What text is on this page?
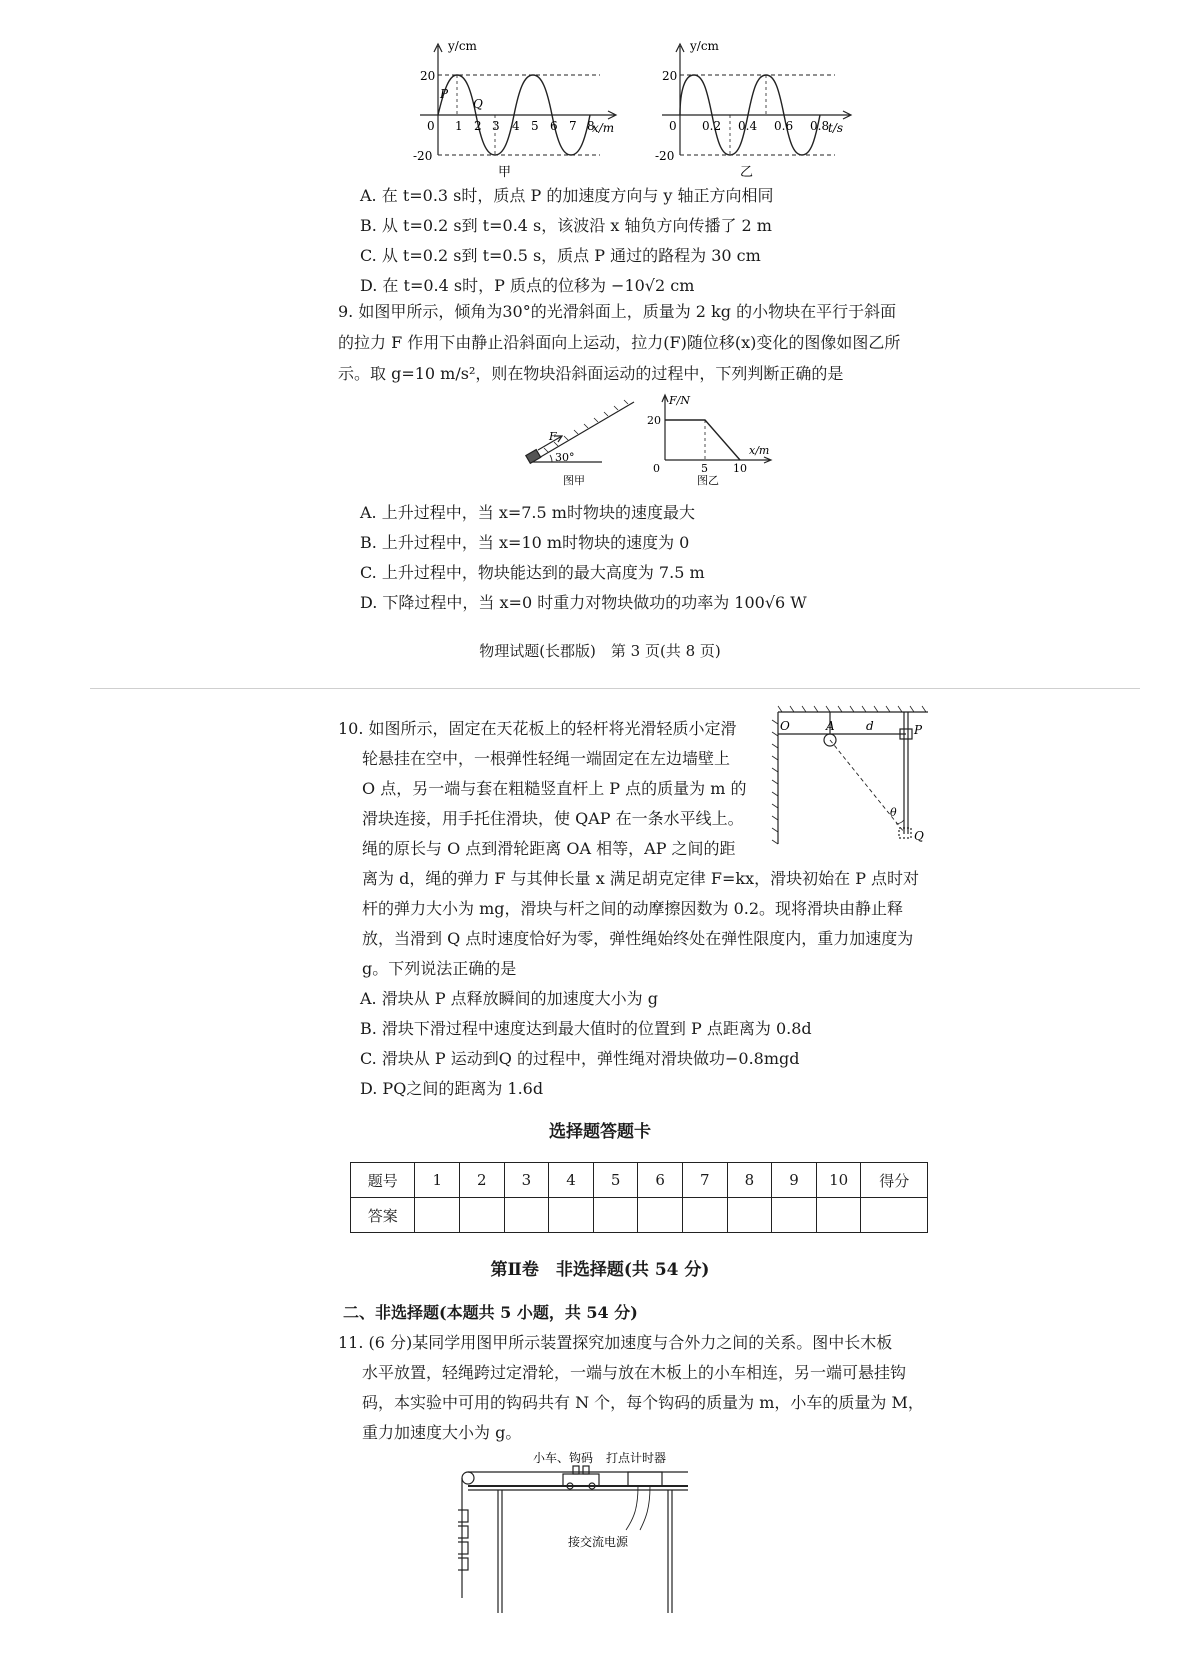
y/cm
x/m
20
-20
0 1 2 3 4 5 6 7 8
P
Q
甲
y/cm
t/s
20
-20
0 0.2 0.4 0.6 0.8
乙
A. 在 t=0.3 s时，质点 P 的加速度方向与 y 轴正方向相同
B. 从 t=0.2 s到 t=0.4 s，该波沿 x 轴负方向传播了 2 m
C. 从 t=0.2 s到 t=0.5 s，质点 P 通过的路程为 30 cm
D. 在 t=0.4 s时，P 质点的位移为 −10√2 cm
9. 如图甲所示，倾角为30°的光滑斜面上，质量为 2 kg 的小物块在平行于斜面的拉力 F 作用下由静止沿斜面向上运动，拉力(F)随位移(x)变化的图像如图乙所示。取 g=10 m/s²，则在物块沿斜面运动的过程中，下列判断正确的是
F
30°
图甲
F/N
x/m
20
0	5 10
图乙
A. 上升过程中，当 x=7.5 m时物块的速度最大
B. 上升过程中，当 x=10 m时物块的速度为 0
C. 上升过程中，物块能达到的最大高度为 7.5 m
D. 下降过程中，当 x=0 时重力对物块做功的功率为 100√6 W
物理试题(长郡版)　第 3 页(共 8 页)
10. 如图所示，固定在天花板上的轻杆将光滑轻质小定滑
轮悬挂在空中，一根弹性轻绳一端固定在左边墙壁上
O 点，另一端与套在粗糙竖直杆上 P 点的质量为 m 的
滑块连接，用手托住滑块，使 QAP 在一条水平线上。
绳的原长与 O 点到滑轮距离 OA 相等，AP 之间的距
离为 d，绳的弹力 F 与其伸长量 x 满足胡克定律 F=kx，滑块初始在 P 点时对
杆的弹力大小为 mg，滑块与杆之间的动摩擦因数为 0.2。现将滑块由静止释
放，当滑到 Q 点时速度恰好为零，弹性绳始终处在弹性限度内，重力加速度为
g。下列说法正确的是
O	A	d	P
Q
θ
A. 滑块从 P 点释放瞬间的加速度大小为 g
B. 滑块下滑过程中速度达到最大值时的位置到 P 点距离为 0.8d
C. 滑块从 P 运动到Q 的过程中，弹性绳对滑块做功−0.8mgd
D. PQ之间的距离为 1.6d
选择题答题卡
题号	1	2	3	4	5	6	7	8	9	10	得分
答案											
第Ⅱ卷　非选择题(共 54 分)
二、非选择题(本题共 5 小题，共 54 分)
11. (6 分)某同学用图甲所示装置探究加速度与合外力之间的关系。图中长木板
水平放置，轻绳跨过定滑轮，一端与放在木板上的小车相连，另一端可悬挂钩
码，本实验中可用的钩码共有 N 个，每个钩码的质量为 m，小车的质量为 M，
重力加速度大小为 g。
小车、钩码 打点计时器
接交流电源
